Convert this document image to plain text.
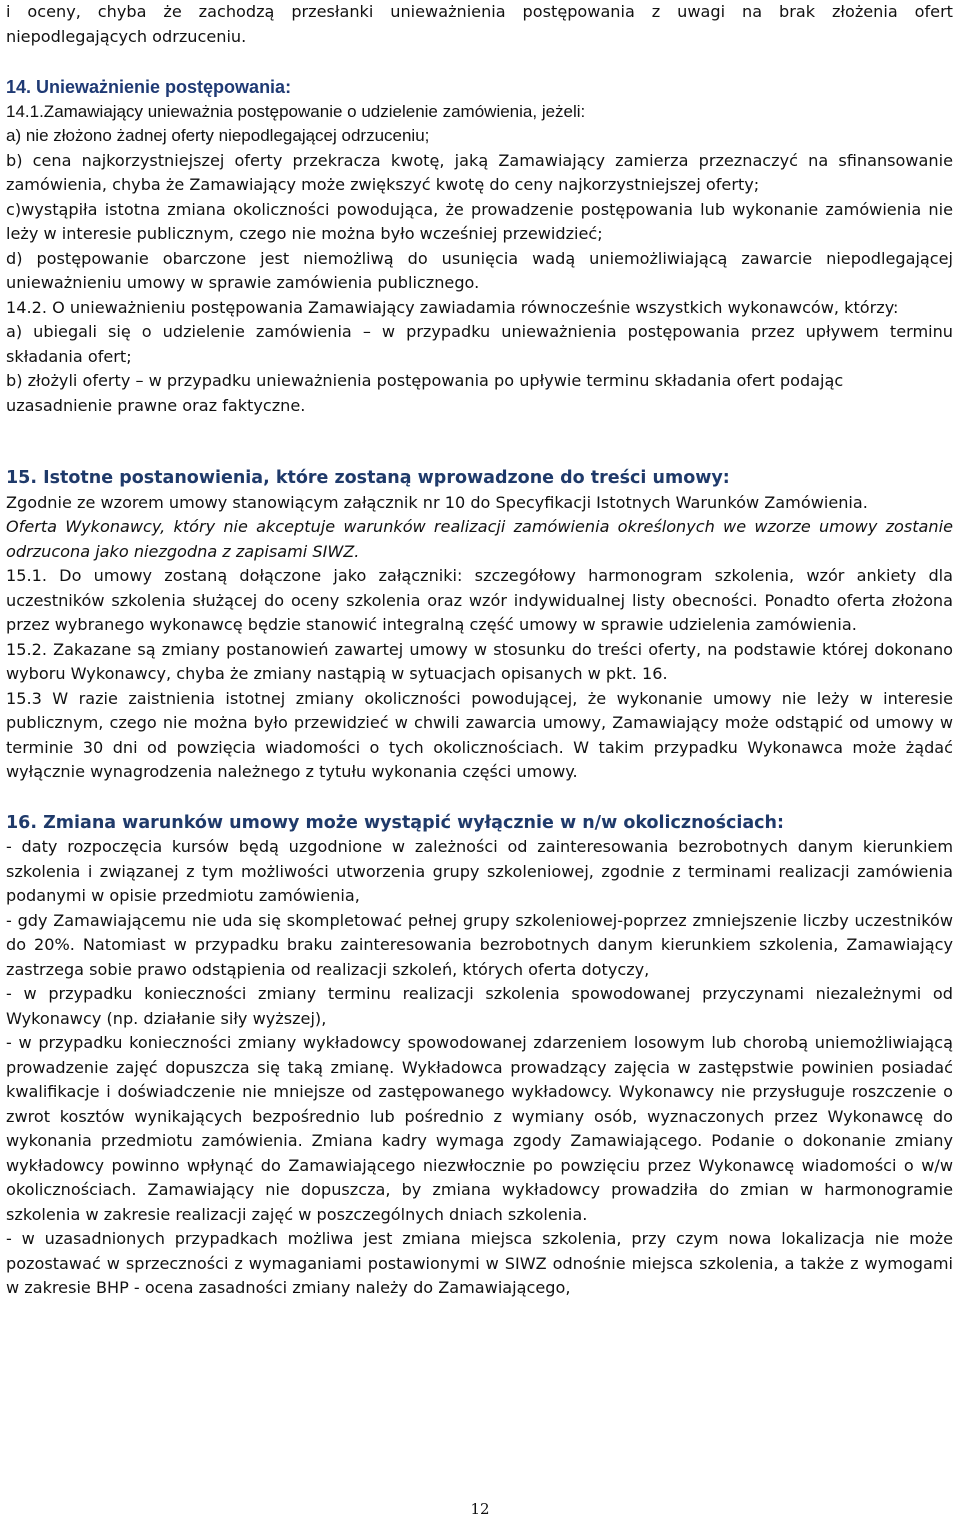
i oceny, chyba że zachodzą przesłanki unieważnienia postępowania z uwagi na brak złożenia ofert

niepodlegających odrzuceniu.

14. Unieważnienie postępowania:

14.1.Zamawiający unieważnia postępowanie o udzielenie zamówienia, jeżeli:

a) nie złożono żadnej oferty niepodlegającej odrzuceniu;

b) cena najkorzystniejszej oferty przekracza kwotę, jaką Zamawiający zamierza przeznaczyć na sfinansowanie zamówienia, chyba że Zamawiający może zwiększyć kwotę do ceny najkorzystniejszej oferty;

c)wystąpiła istotna zmiana okoliczności powodująca, że prowadzenie postępowania lub wykonanie zamówienia nie leży w interesie publicznym, czego nie można było wcześniej przewidzieć;

d) postępowanie obarczone jest niemożliwą do usunięcia wadą uniemożliwiającą zawarcie niepodlegającej unieważnieniu umowy w sprawie zamówienia publicznego.

14.2. O unieważnieniu postępowania Zamawiający zawiadamia równocześnie wszystkich wykonawców, którzy:

a) ubiegali się o udzielenie zamówienia – w przypadku unieważnienia postępowania przez upływem terminu składania ofert;

b) złożyli oferty – w przypadku unieważnienia postępowania po upływie terminu składania ofert podając uzasadnienie prawne oraz faktyczne.

15. Istotne postanowienia, które zostaną wprowadzone do treści umowy:

Zgodnie ze wzorem umowy stanowiącym załącznik nr 10 do Specyfikacji Istotnych Warunków Zamówienia.

Oferta Wykonawcy, który nie akceptuje warunków realizacji zamówienia określonych we wzorze umowy zostanie odrzucona jako niezgodna z zapisami SIWZ.

15.1. Do umowy zostaną dołączone jako załączniki: szczegółowy harmonogram szkolenia, wzór ankiety dla uczestników szkolenia służącej do oceny szkolenia oraz wzór indywidualnej listy obecności. Ponadto oferta złożona przez wybranego wykonawcę będzie stanowić integralną część umowy w sprawie udzielenia zamówienia.

15.2. Zakazane są zmiany postanowień zawartej umowy w stosunku do treści oferty, na podstawie której dokonano wyboru Wykonawcy, chyba że zmiany nastąpią w sytuacjach opisanych w pkt. 16.

15.3 W razie zaistnienia istotnej zmiany okoliczności powodującej, że wykonanie umowy nie leży w interesie publicznym, czego nie można było przewidzieć w chwili zawarcia umowy, Zamawiający może odstąpić od umowy w terminie 30 dni od powzięcia wiadomości o tych okolicznościach. W takim przypadku Wykonawca może żądać wyłącznie wynagrodzenia należnego z tytułu wykonania części umowy.

16. Zmiana warunków umowy może wystąpić wyłącznie w n/w okolicznościach:

- daty rozpoczęcia kursów będą uzgodnione w zależności od zainteresowania bezrobotnych danym kierunkiem szkolenia i związanej z tym możliwości utworzenia grupy szkoleniowej, zgodnie z terminami realizacji zamówienia podanymi w opisie przedmiotu zamówienia,

- gdy Zamawiającemu nie uda się skompletować pełnej grupy szkoleniowej-poprzez zmniejszenie liczby uczestników do 20%. Natomiast w przypadku braku zainteresowania bezrobotnych danym kierunkiem szkolenia, Zamawiający zastrzega sobie prawo odstąpienia od realizacji szkoleń, których oferta dotyczy,

- w przypadku konieczności zmiany terminu realizacji szkolenia spowodowanej przyczynami niezależnymi od Wykonawcy (np. działanie siły wyższej),

- w przypadku konieczności zmiany wykładowcy spowodowanej zdarzeniem losowym lub chorobą uniemożliwiającą prowadzenie zajęć dopuszcza się taką zmianę. Wykładowca prowadzący zajęcia w zastępstwie powinien posiadać kwalifikacje i doświadczenie nie mniejsze od zastępowanego wykładowcy. Wykonawcy nie przysługuje roszczenie o zwrot kosztów wynikających bezpośrednio lub pośrednio z wymiany osób, wyznaczonych przez Wykonawcę do wykonania przedmiotu zamówienia. Zmiana kadry wymaga zgody Zamawiającego. Podanie o dokonanie zmiany wykładowcy powinno wpłynąć do Zamawiającego niezwłocznie po powzięciu przez Wykonawcę wiadomości o w/w okolicznościach. Zamawiający nie dopuszcza, by zmiana wykładowcy prowadziła do zmian w harmonogramie szkolenia w zakresie realizacji zajęć w poszczególnych dniach szkolenia.

- w uzasadnionych przypadkach możliwa jest zmiana miejsca szkolenia, przy czym nowa lokalizacja nie może pozostawać w sprzeczności z wymaganiami postawionymi w SIWZ odnośnie miejsca szkolenia, a także z wymogami w zakresie BHP - ocena zasadności zmiany należy do Zamawiającego,

12
